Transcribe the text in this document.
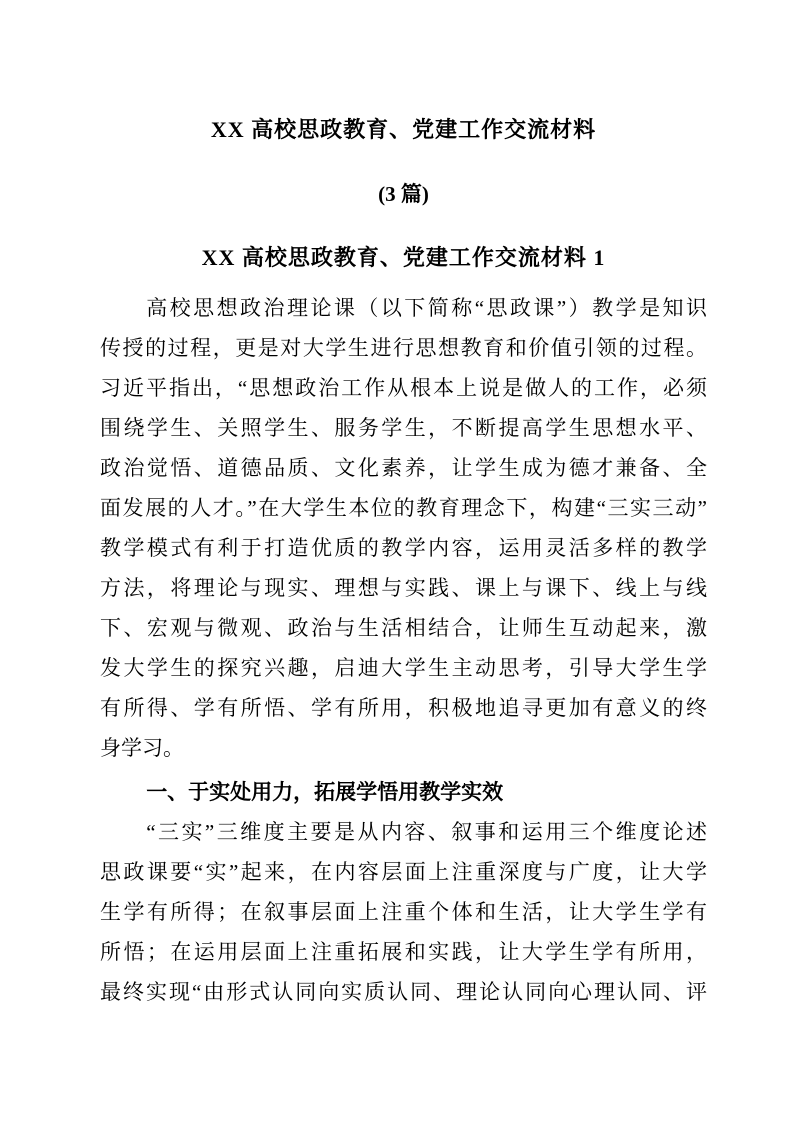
XX 高校思政教育、党建工作交流材料
(3 篇)
XX 高校思政教育、党建工作交流材料 1
高校思想政治理论课（以下简称“思政课”）教学是知识
传授的过程，更是对大学生进行思想教育和价值引领的过程。
习近平指出，“思想政治工作从根本上说是做人的工作，必须
围绕学生、关照学生、服务学生，不断提高学生思想水平、
政治觉悟、道德品质、文化素养，让学生成为德才兼备、全
面发展的人才。”在大学生本位的教育理念下，构建“三实三动”
教学模式有利于打造优质的教学内容，运用灵活多样的教学
方法，将理论与现实、理想与实践、课上与课下、线上与线
下、宏观与微观、政治与生活相结合，让师生互动起来，激
发大学生的探究兴趣，启迪大学生主动思考，引导大学生学
有所得、学有所悟、学有所用，积极地追寻更加有意义的终
身学习。
一、于实处用力，拓展学悟用教学实效
“三实”三维度主要是从内容、叙事和运用三个维度论述
思政课要“实”起来，在内容层面上注重深度与广度，让大学
生学有所得；在叙事层面上注重个体和生活，让大学生学有
所悟；在运用层面上注重拓展和实践，让大学生学有所用，
最终实现“由形式认同向实质认同、理论认同向心理认同、评
